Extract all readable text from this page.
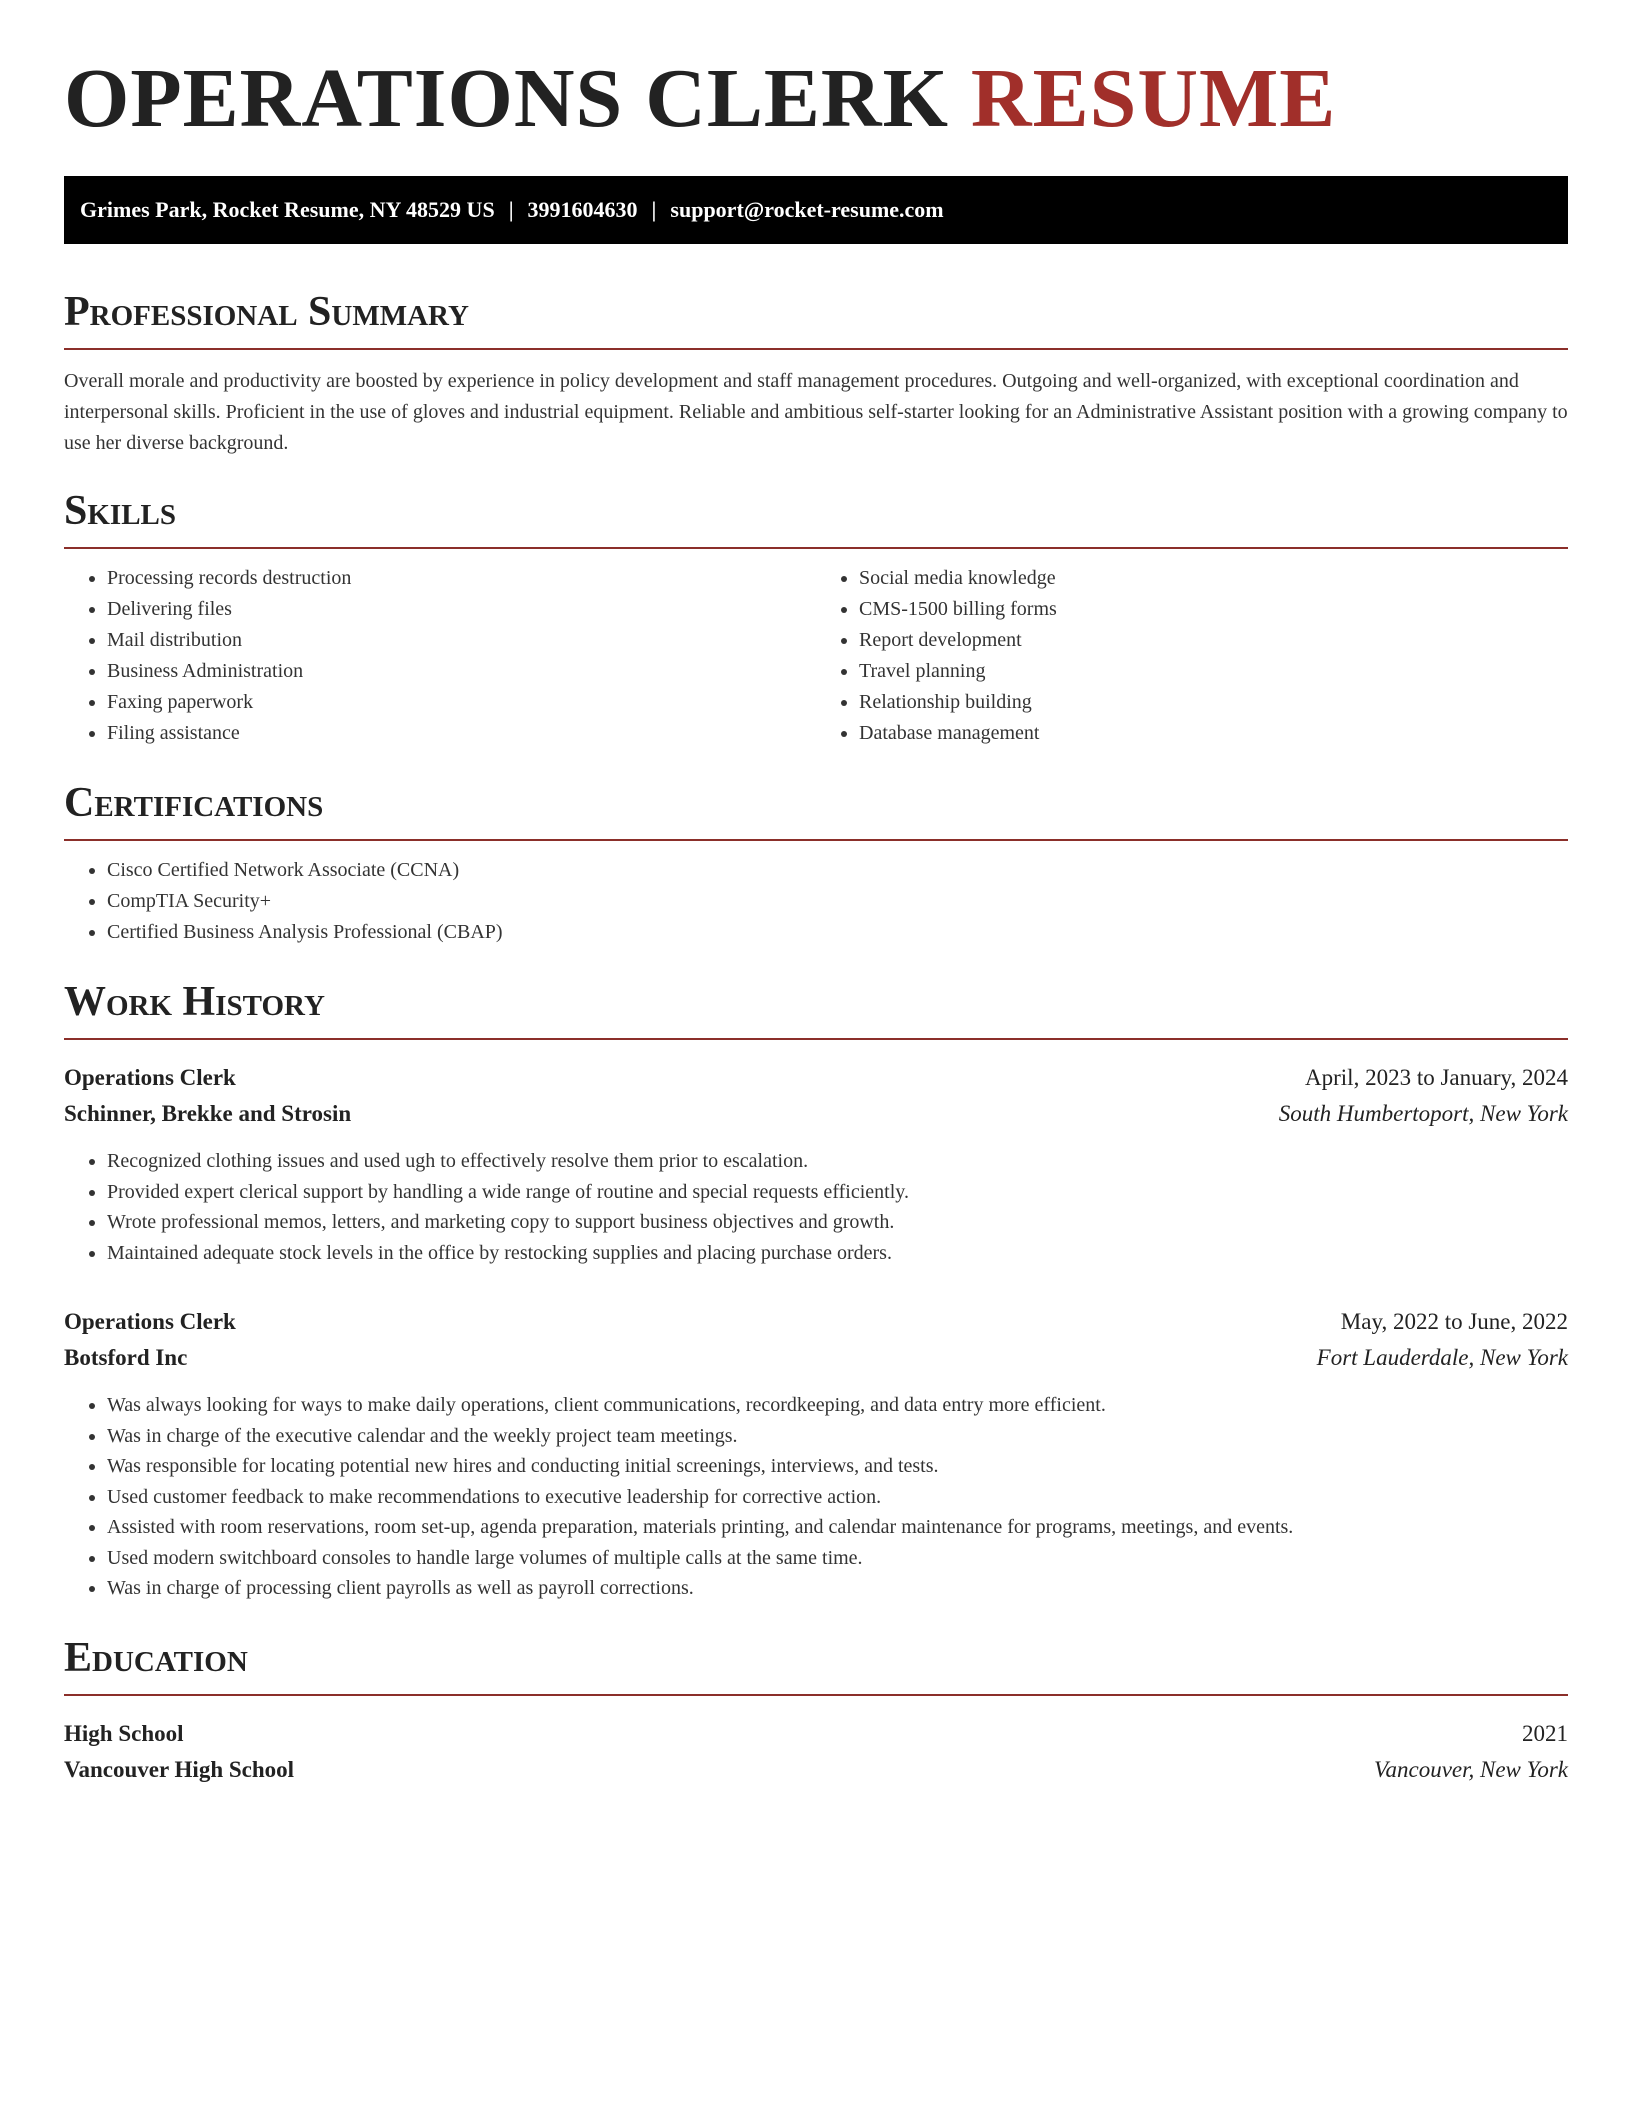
OPERATIONS CLERK RESUME
Grimes Park, Rocket Resume, NY 48529 US | 3991604630 | support@rocket-resume.com
Professional Summary

Overall morale and productivity are boosted by experience in policy development and staff management procedures. Outgoing and well-organized, with exceptional coordination and interpersonal skills. Proficient in the use of gloves and industrial equipment. Reliable and ambitious self-starter looking for an Administrative Assistant position with a growing company to use her diverse background.

Skills
• Processing records destruction
• Delivering files
• Mail distribution
• Business Administration
• Faxing paperwork
• Filing assistance
• Social media knowledge
• CMS-1500 billing forms
• Report development
• Travel planning
• Relationship building
• Database management
Certifications
• Cisco Certified Network Associate (CCNA)
• CompTIA Security+
• Certified Business Analysis Professional (CBAP)
Work History
Operations Clerk	April, 2023 to January, 2024
Schinner, Brekke and Strosin	South Humbertoport, New York
• Recognized clothing issues and used ugh to effectively resolve them prior to escalation.
• Provided expert clerical support by handling a wide range of routine and special requests efficiently.
• Wrote professional memos, letters, and marketing copy to support business objectives and growth.
• Maintained adequate stock levels in the office by restocking supplies and placing purchase orders.
Operations Clerk	May, 2022 to June, 2022
Botsford Inc	Fort Lauderdale, New York
• Was always looking for ways to make daily operations, client communications, recordkeeping, and data entry more efficient.
• Was in charge of the executive calendar and the weekly project team meetings.
• Was responsible for locating potential new hires and conducting initial screenings, interviews, and tests.
• Used customer feedback to make recommendations to executive leadership for corrective action.
• Assisted with room reservations, room set-up, agenda preparation, materials printing, and calendar maintenance for programs, meetings, and events.
• Used modern switchboard consoles to handle large volumes of multiple calls at the same time.
• Was in charge of processing client payrolls as well as payroll corrections.
Education
High School	2021
Vancouver High School	Vancouver, New York
